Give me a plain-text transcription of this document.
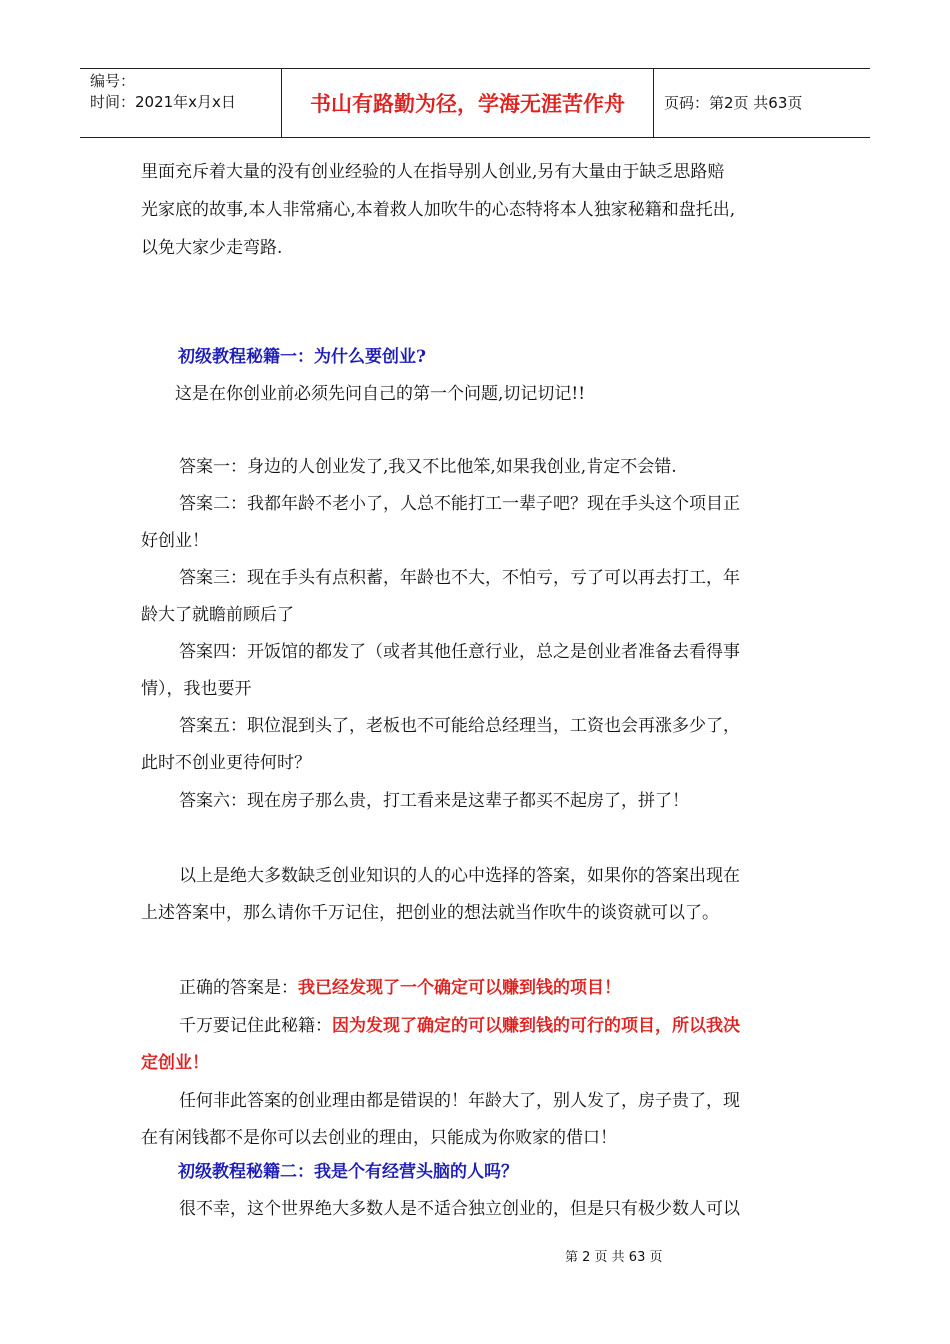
编号：
时间：2021年x月x日	书山有路勤为径，学海无涯苦作舟	页码：第2页 共63页
里面充斥着大量的没有创业经验的人在指导别人创业,另有大量由于缺乏思路赔
光家底的故事,本人非常痛心,本着救人加吹牛的心态特将本人独家秘籍和盘托出,
以免大家少走弯路.
初级教程秘籍一：为什么要创业?
这是在你创业前必须先问自己的第一个问题,切记切记!!
答案一：身边的人创业发了,我又不比他笨,如果我创业,肯定不会错.
答案二：我都年龄不老小了，人总不能打工一辈子吧？现在手头这个项目正
好创业！
答案三：现在手头有点积蓄，年龄也不大，不怕亏，亏了可以再去打工，年
龄大了就瞻前顾后了
答案四：开饭馆的都发了（或者其他任意行业，总之是创业者准备去看得事
情），我也要开
答案五：职位混到头了，老板也不可能给总经理当，工资也会再涨多少了，
此时不创业更待何时？
答案六：现在房子那么贵，打工看来是这辈子都买不起房了，拼了！
以上是绝大多数缺乏创业知识的人的心中选择的答案，如果你的答案出现在
上述答案中，那么请你千万记住，把创业的想法就当作吹牛的谈资就可以了。
正确的答案是：我已经发现了一个确定可以赚到钱的项目！
千万要记住此秘籍：因为发现了确定的可以赚到钱的可行的项目，所以我决
定创业！
任何非此答案的创业理由都是错误的！年龄大了，别人发了，房子贵了，现
在有闲钱都不是你可以去创业的理由，只能成为你败家的借口！
初级教程秘籍二：我是个有经营头脑的人吗？
很不幸，这个世界绝大多数人是不适合独立创业的，但是只有极少数人可以
第 2 页 共 63 页
